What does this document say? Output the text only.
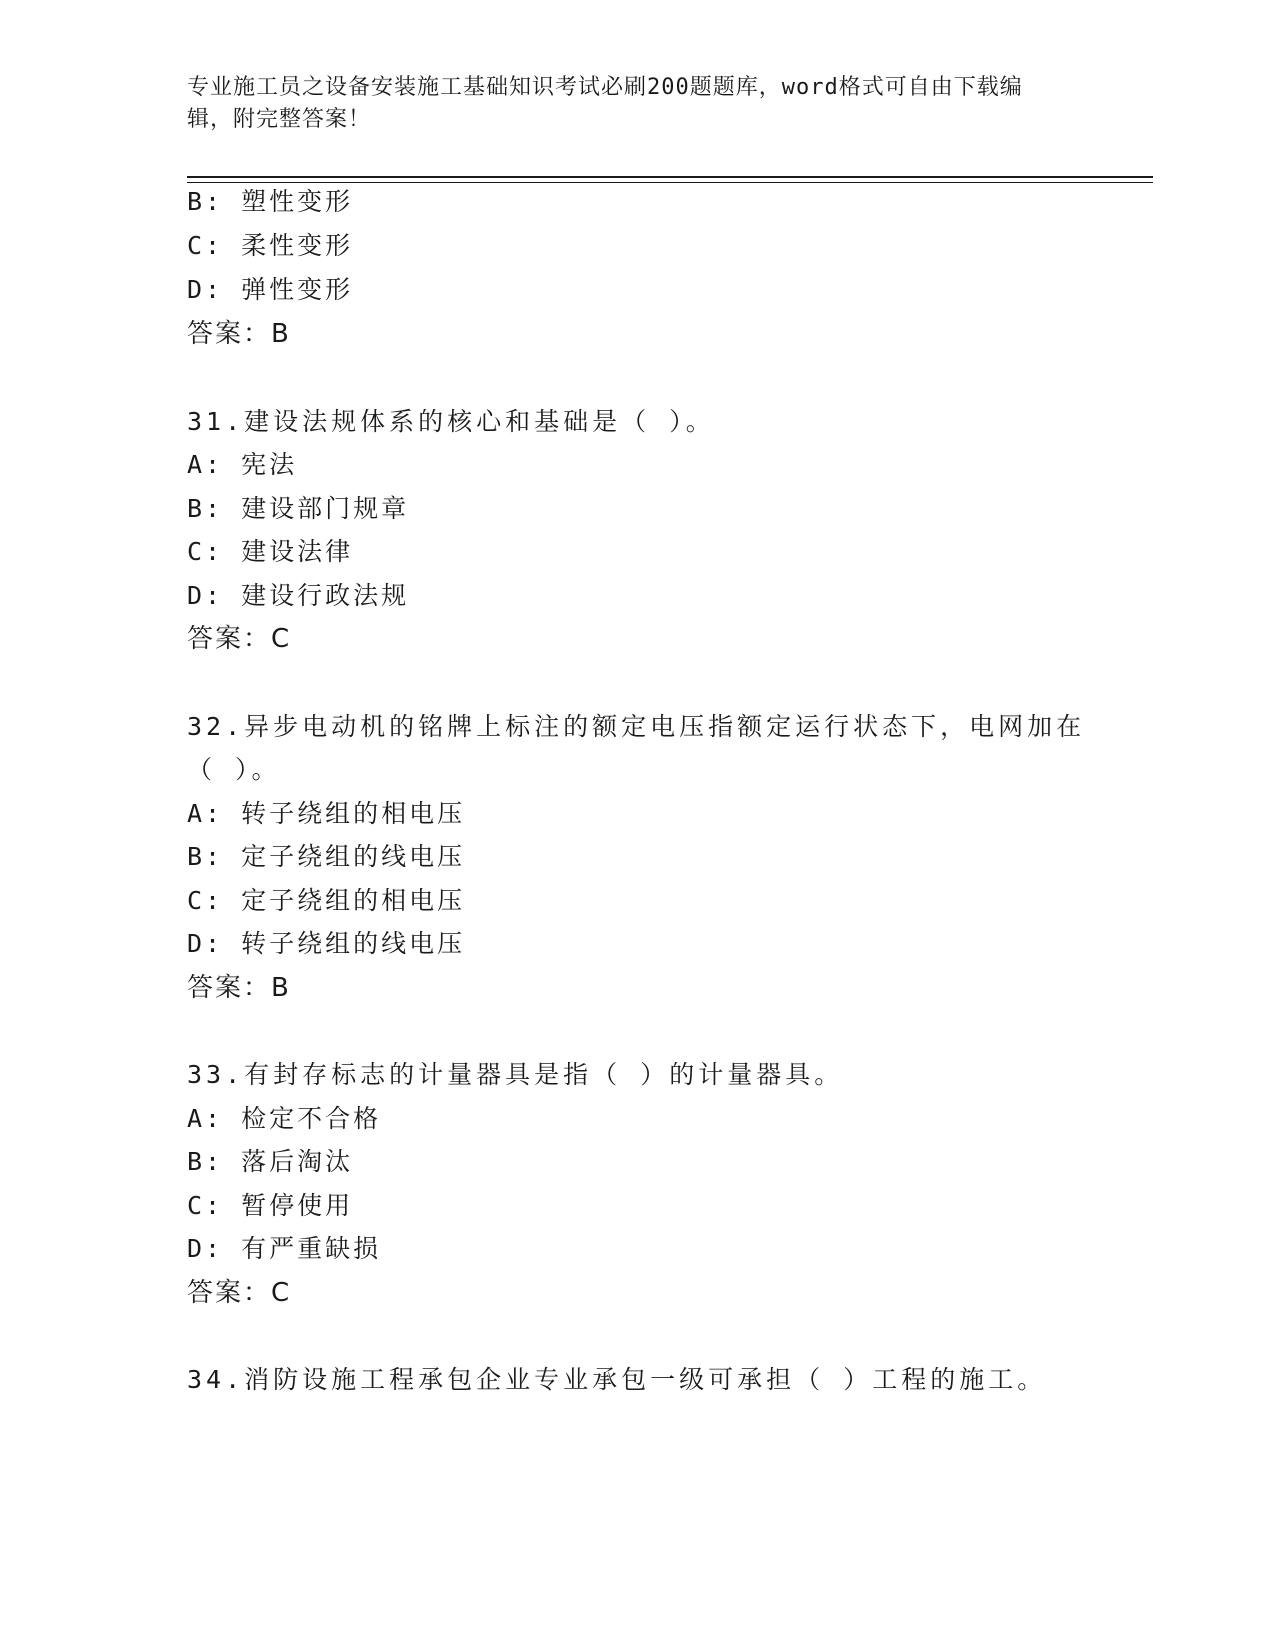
专业施工员之设备安装施工基础知识考试必刷200题题库，word格式可自由下载编辑，附完整答案！
B: 塑性变形
C: 柔性变形
D: 弹性变形
答案：B
31.建设法规体系的核心和基础是（ ）。
A: 宪法
B: 建设部门规章
C: 建设法律
D: 建设行政法规
答案：C
32.异步电动机的铭牌上标注的额定电压指额定运行状态下，电网加在
（ ）。
A: 转子绕组的相电压
B: 定子绕组的线电压
C: 定子绕组的相电压
D: 转子绕组的线电压
答案：B
33.有封存标志的计量器具是指（ ）的计量器具。
A: 检定不合格
B: 落后淘汰
C: 暂停使用
D: 有严重缺损
答案：C
34.消防设施工程承包企业专业承包一级可承担（ ）工程的施工。
